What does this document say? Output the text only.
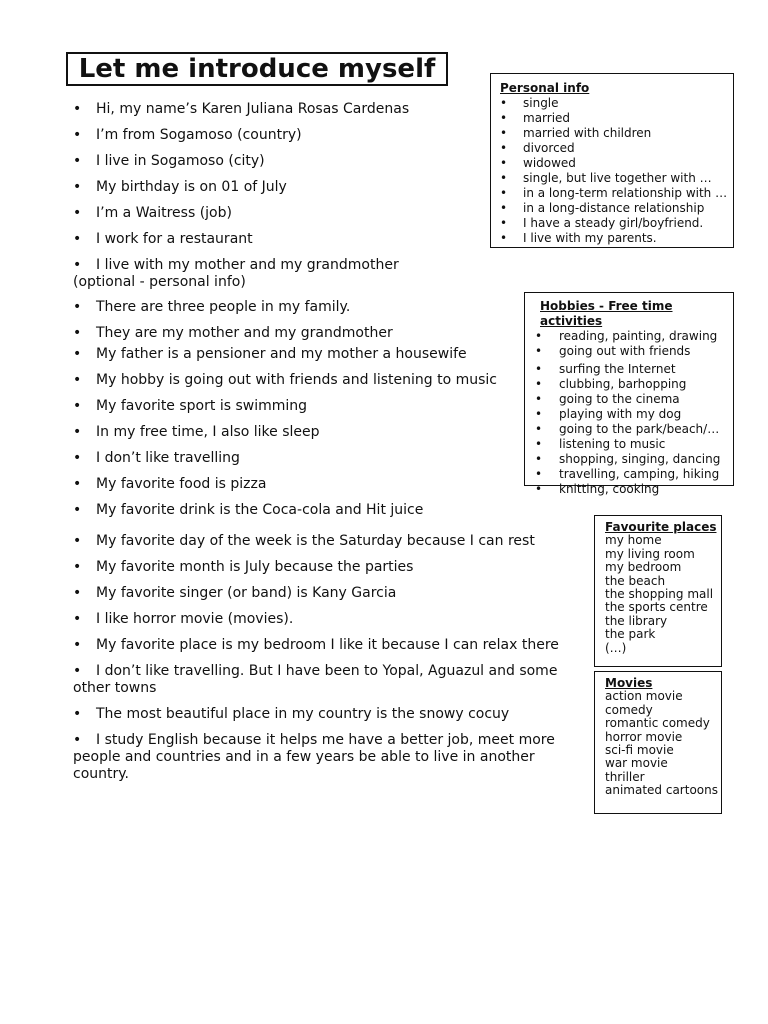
Let me introduce myself
• Hi, my name’s Karen Juliana Rosas Cardenas
• I’m from Sogamoso (country)
• I live in Sogamoso (city)
• My birthday is on 01 of July
• I’m a Waitress (job)
• I work for a restaurant
• I live with my mother and my grandmother
(optional - personal info)
• There are three people in my family.
• They are my mother and my grandmother
• My father is a pensioner and my mother a housewife
• My hobby is going out with friends and listening to music
• My favorite sport is swimming
• In my free time, I also like sleep
• I don’t like travelling
• My favorite food is pizza
• My favorite drink is the Coca-cola and Hit juice
• My favorite day of the week is the Saturday because I can rest
• My favorite month is July because the parties
• My favorite singer (or band) is Kany Garcia
• I like horror movie (movies).
• My favorite place is my bedroom I like it because I can relax there
• I don’t like travelling. But I have been to Yopal, Aguazul and some
other towns
• The most beautiful place in my country is the snowy cocuy
• I study English because it helps me have a better job, meet more
people and countries and in a few years be able to live in another
country.
Personal info
• single
• married
• married with children
• divorced
• widowed
• single, but live together with …
• in a long-term relationship with …
• in a long-distance relationship
• I have a steady girl/boyfriend.
• I live with my parents.
Hobbies - Free time activities
• reading, painting, drawing
• going out with friends
• surfing the Internet
• clubbing, barhopping
• going to the cinema
• playing with my dog
• going to the park/beach/…
• listening to music
• shopping, singing, dancing
• travelling, camping, hiking
• knitting, cooking
Favourite places
my home
my living room
my bedroom
the beach
the shopping mall
the sports centre
the library
the park
(…)
Movies
action movie
comedy
romantic comedy
horror movie
sci-fi movie
war movie
thriller
animated cartoons
